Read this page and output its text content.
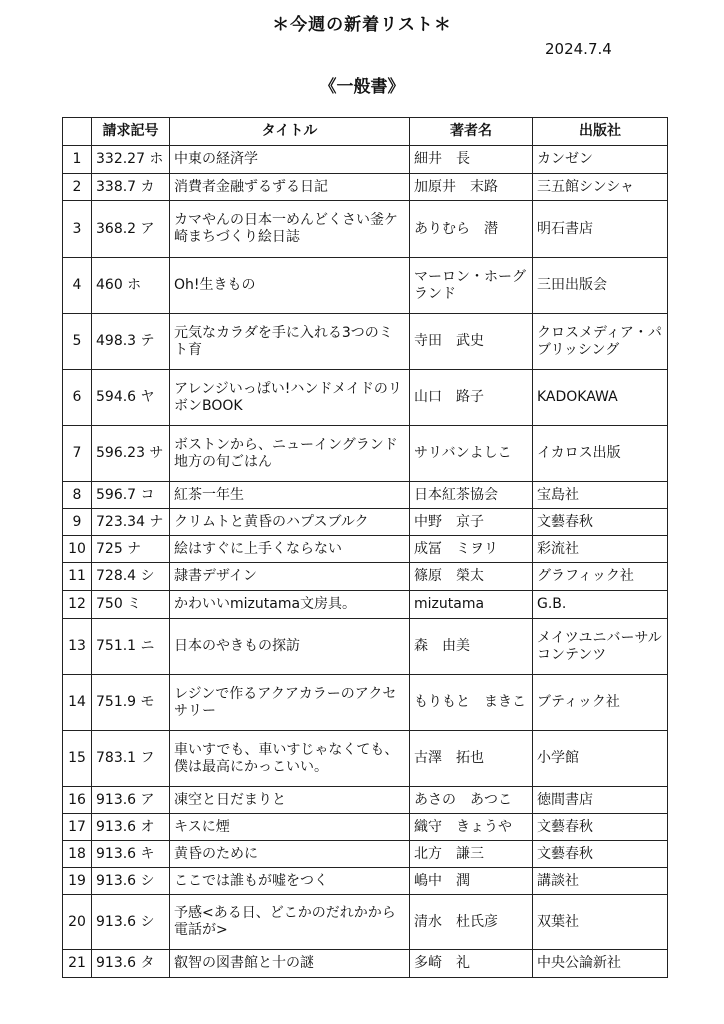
＊今週の新着リスト＊
2024.7.4
《一般書》
	請求記号	タイトル	著者名	出版社
1	332.27 ホ	中東の経済学	細井　長	カンゼン
2	338.7 カ	消費者金融ずるずる日記	加原井　末路	三五館シンシャ
3	368.2 ア	カマやんの日本一めんどくさい釜ケ崎まちづくり絵日誌	ありむら　潜	明石書店
4	460 ホ	Oh!生きもの	マーロン・ホーグランド	三田出版会
5	498.3 テ	元気なカラダを手に入れる3つのミト育	寺田　武史	クロスメディア・パブリッシング
6	594.6 ヤ	アレンジいっぱい!ハンドメイドのリボンBOOK	山口　路子	KADOKAWA
7	596.23 サ	ボストンから、ニューイングランド地方の旬ごはん	サリバンよしこ	イカロス出版
8	596.7 コ	紅茶一年生	日本紅茶協会	宝島社
9	723.34 ナ	クリムトと黄昏のハプスブルク	中野　京子	文藝春秋
10	725 ナ	絵はすぐに上手くならない	成冨　ミヲリ	彩流社
11	728.4 シ	隷書デザイン	篠原　榮太	グラフィック社
12	750 ミ	かわいいmizutama文房具。	mizutama	G.B.
13	751.1 ニ	日本のやきもの探訪	森　由美	メイツユニバーサルコンテンツ
14	751.9 モ	レジンで作るアクアカラーのアクセサリー	もりもと　まきこ	ブティック社
15	783.1 フ	車いすでも、車いすじゃなくても、僕は最高にかっこいい。	古澤　拓也	小学館
16	913.6 ア	凍空と日だまりと	あさの　あつこ	徳間書店
17	913.6 オ	キスに煙	織守　きょうや	文藝春秋
18	913.6 キ	黄昏のために	北方　謙三	文藝春秋
19	913.6 シ	ここでは誰もが嘘をつく	嶋中　潤	講談社
20	913.6 シ	予感<ある日、どこかのだれかから電話が>	清水　杜氏彦	双葉社
21	913.6 タ	叡智の図書館と十の謎	多崎　礼	中央公論新社
